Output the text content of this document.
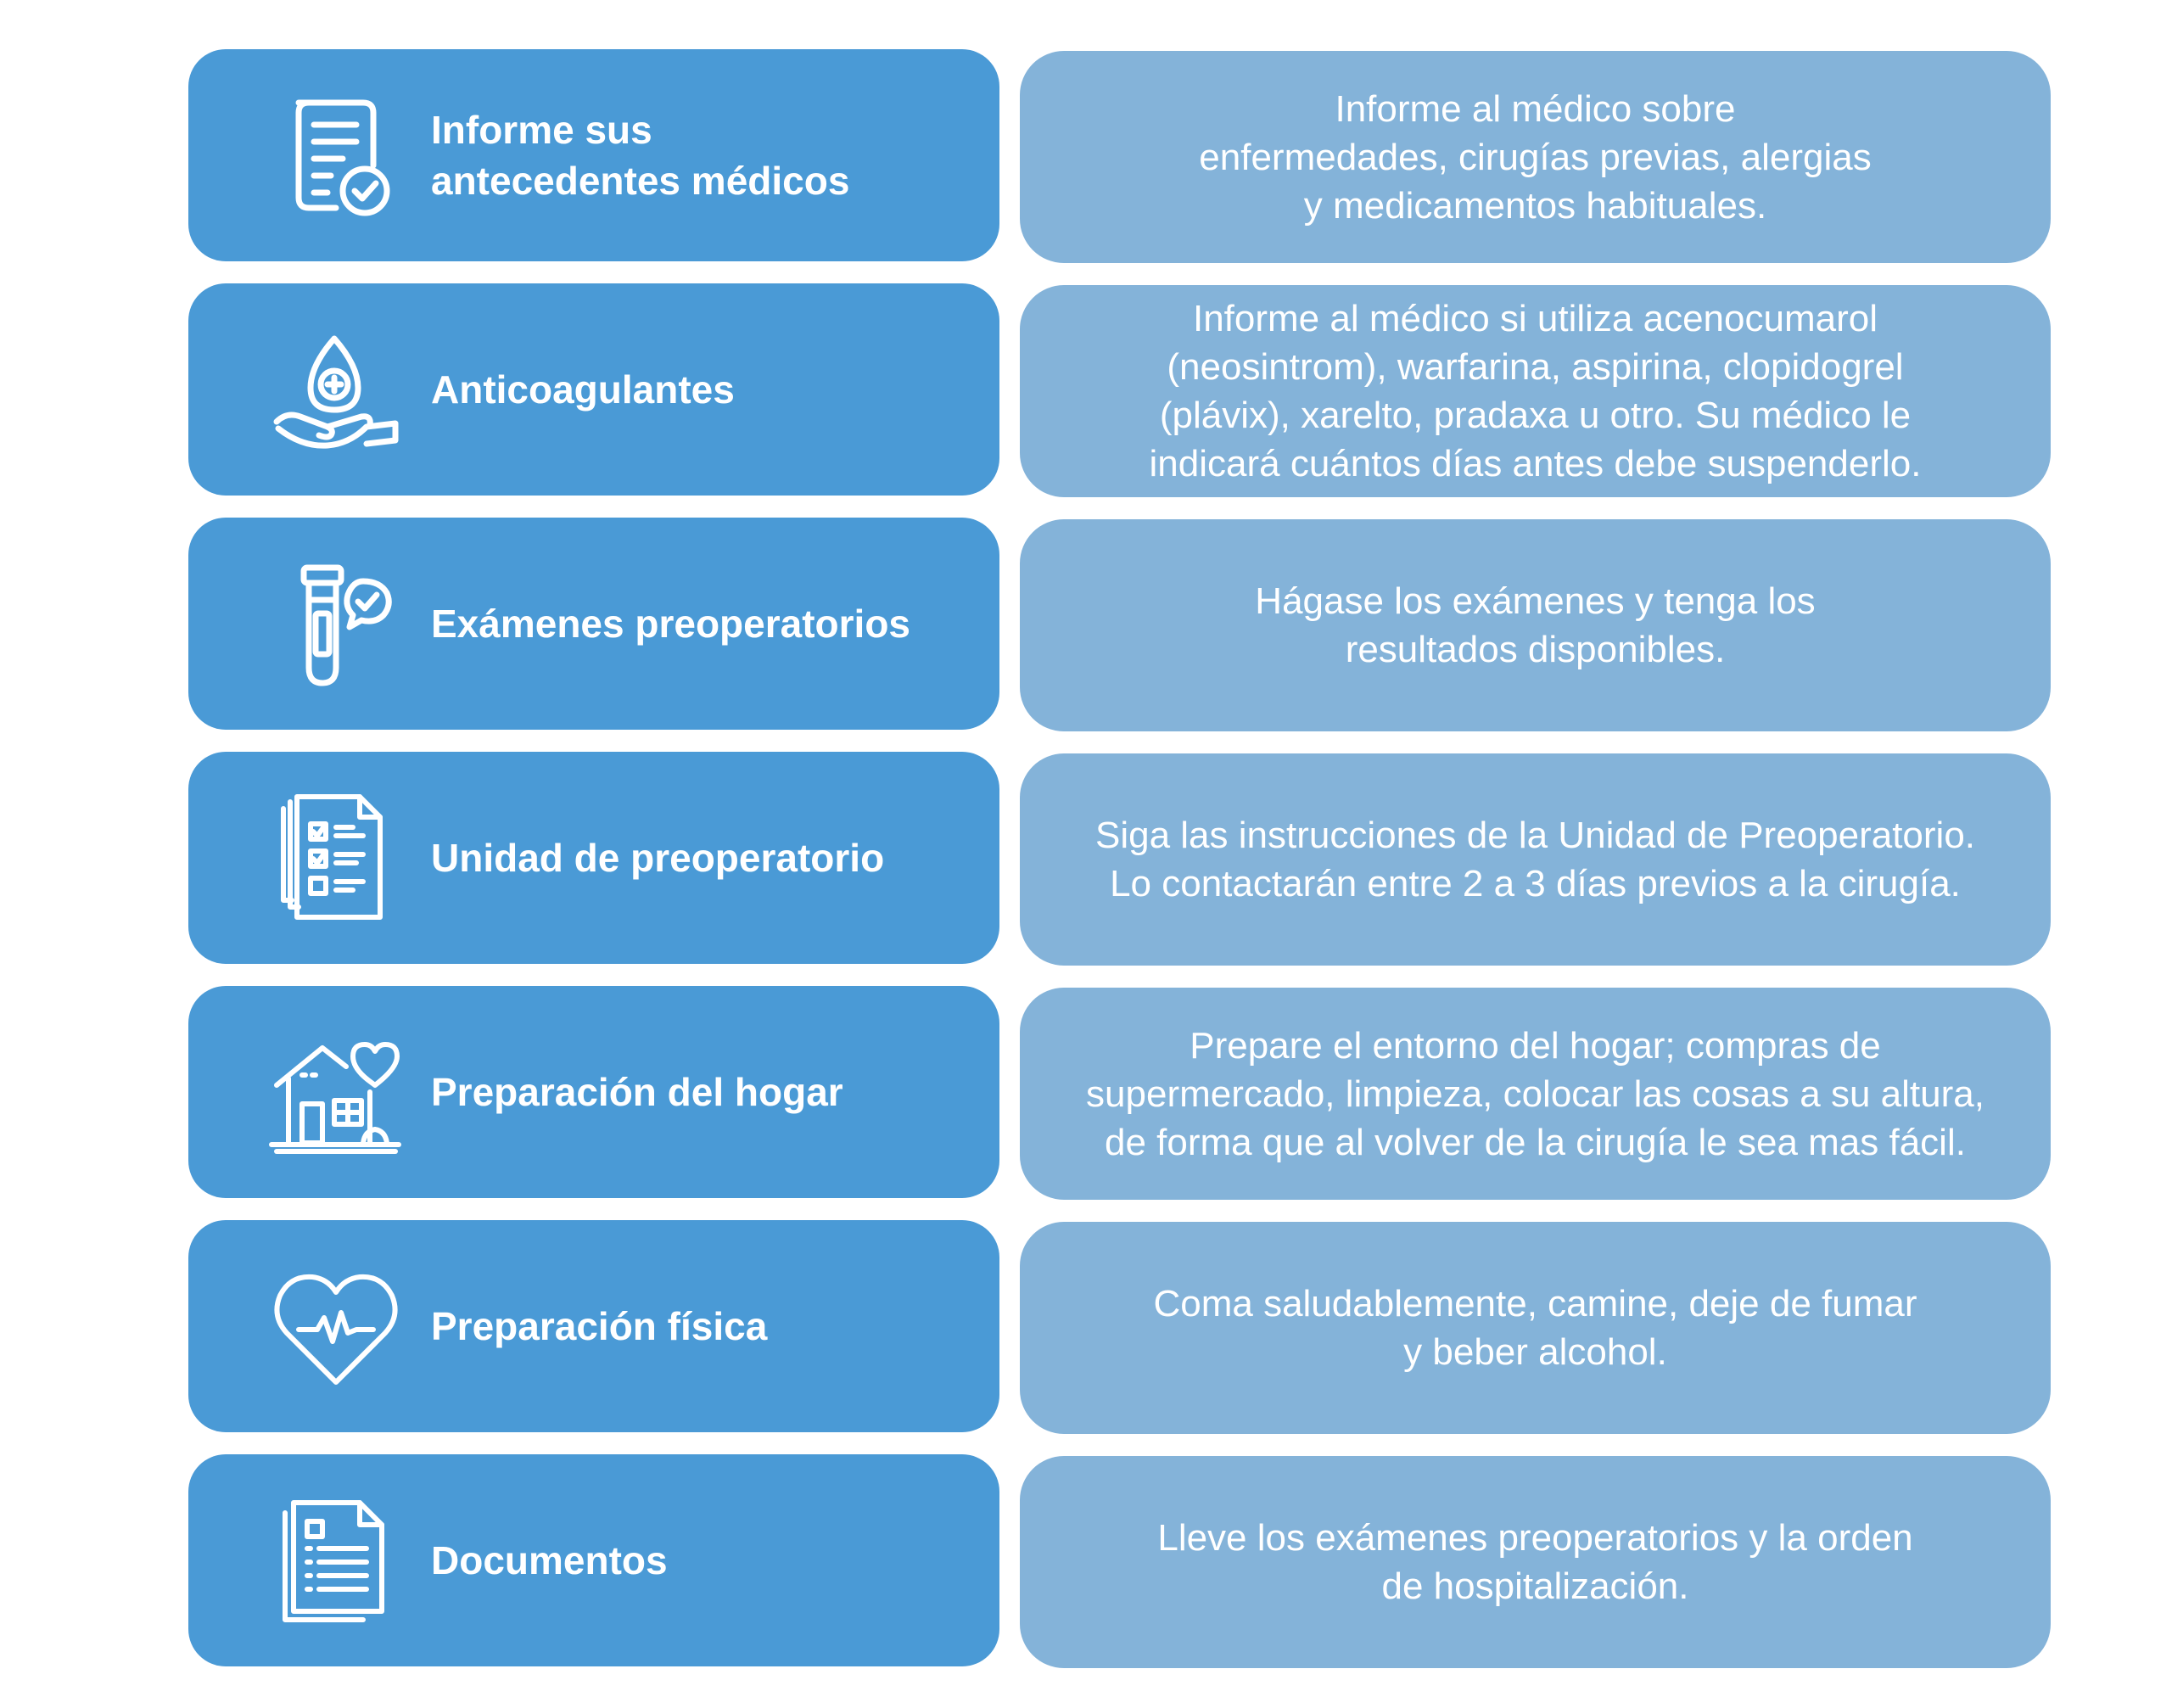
Informe sus
antecedentes médicos
Informe al médico sobre
enfermedades, cirugías previas, alergias
y medicamentos habituales.
Anticoagulantes
Informe al médico si utiliza acenocumarol
(neosintrom), warfarina, aspirina, clopidogrel
(plávix), xarelto, pradaxa u otro. Su médico le
indicará cuántos días antes debe suspenderlo.
Exámenes preoperatorios
Hágase los exámenes y tenga los
resultados disponibles.
Unidad de preoperatorio
Siga las instrucciones de la Unidad de Preoperatorio.
Lo contactarán entre 2 a 3 días previos a la cirugía.
Preparación del hogar
Prepare el entorno del hogar; compras de
supermercado, limpieza, colocar las cosas a su altura,
de forma que al volver de la cirugía le sea mas fácil.
Preparación física
Coma saludablemente, camine, deje de fumar
y beber alcohol.
Documentos
Lleve los exámenes preoperatorios y la orden
de hospitalización.
